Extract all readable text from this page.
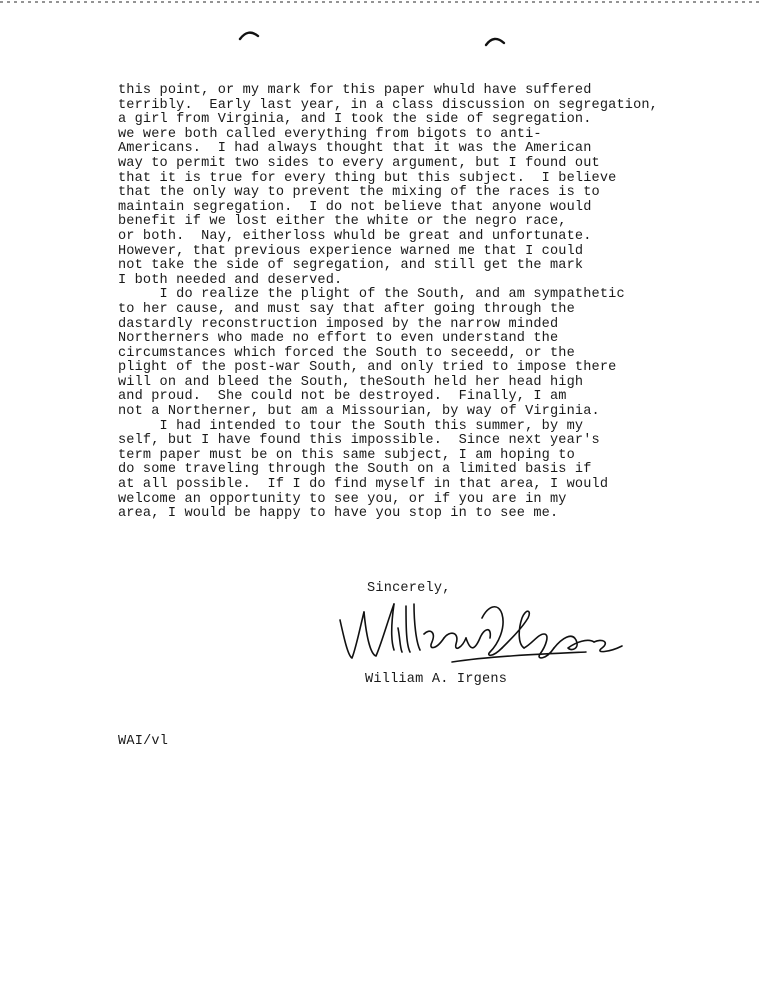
this point, or my mark for this paper whuld have suffered
terribly.  Early last year, in a class discussion on segregation,
a girl from Virginia, and I took the side of segregation.
we were both called everything from bigots to anti-
Americans.  I had always thought that it was the American
way to permit two sides to every argument, but I found out
that it is true for every thing but this subject.  I believe
that the only way to prevent the mixing of the races is to
maintain segregation.  I do not believe that anyone would
benefit if we lost either the white or the negro race,
or both.  Nay, eitherloss whuld be great and unfortunate.
However, that previous experience warned me that I could
not take the side of segregation, and still get the mark
I both needed and deserved.
I do realize the plight of the South, and am sympathetic
to her cause, and must say that after going through the
dastardly reconstruction imposed by the narrow minded
Northerners who made no effort to even understand the
circumstances which forced the South to seceedd, or the
plight of the post-war South, and only tried to impose there
will on and bleed the South, theSouth held her head high
and proud.  She could not be destroyed.  Finally, I am
not a Northerner, but am a Missourian, by way of Virginia.
I had intended to tour the South this summer, by my
self, but I have found this impossible.  Since next year's
term paper must be on this same subject, I am hoping to
do some traveling through the South on a limited basis if
at all possible.  If I do find myself in that area, I would
welcome an opportunity to see you, or if you are in my
area, I would be happy to have you stop in to see me.
Sincerely,
William A. Irgens
WAI/vl
